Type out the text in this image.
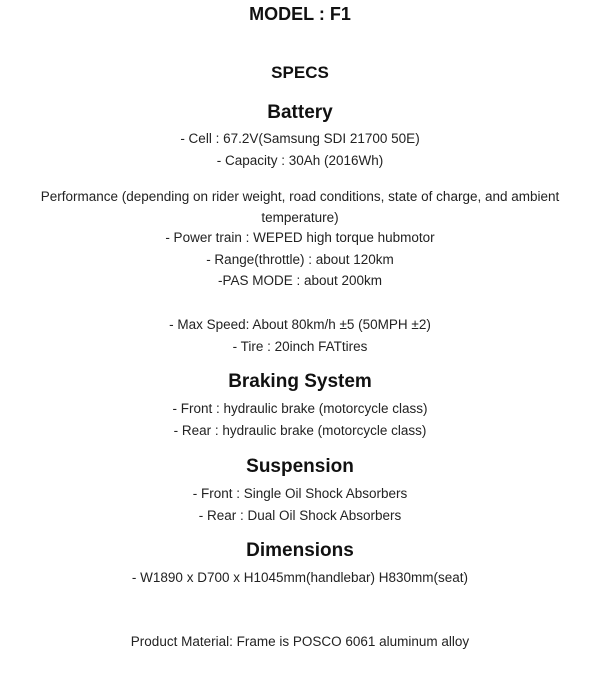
MODEL : F1
SPECS
Battery
- Cell : 67.2V(Samsung SDI 21700 50E)
- Capacity : 30Ah (2016Wh)
Performance (depending on rider weight, road conditions, state of charge, and ambient temperature)
- Power train : WEPED high torque hubmotor
- Range(throttle) : about 120km
-PAS MODE : about 200km
- Max Speed: About 80km/h ±5 (50MPH ±2)
- Tire : 20inch FATtires
Braking System
- Front : hydraulic brake (motorcycle class)
- Rear : hydraulic brake (motorcycle class)
Suspension
- Front : Single Oil Shock Absorbers
- Rear : Dual Oil Shock Absorbers
Dimensions
- W1890 x D700 x H1045mm(handlebar) H830mm(seat)
Product Material: Frame is POSCO 6061 aluminum alloy
